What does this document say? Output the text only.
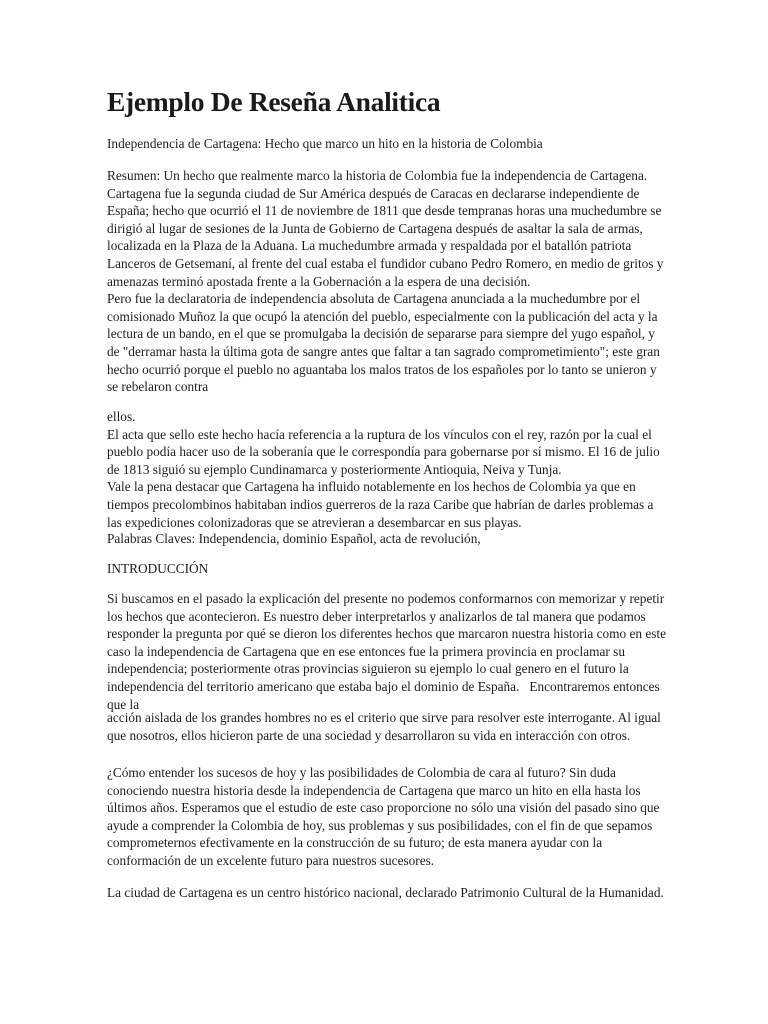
Ejemplo De Reseña Analitica

Independencia de Cartagena: Hecho que marco un hito en la historia de Colombia

Resumen: Un hecho que realmente marco la historia de Colombia fue la independencia de Cartagena.
Cartagena fue la segunda ciudad de Sur América después de Caracas en declararse independiente de
España; hecho que ocurrió el 11 de noviembre de 1811 que desde tempranas horas una muchedumbre se
dirigió al lugar de sesiones de la Junta de Gobierno de Cartagena después de asaltar la sala de armas,
localizada en la Plaza de la Aduana. La muchedumbre armada y respaldada por el batallón patriota
Lanceros de Getsemaní, al frente del cual estaba el fundidor cubano Pedro Romero, en medio de gritos y
amenazas terminó apostada frente a la Gobernación a la espera de una decisión.
Pero fue la declaratoria de independencia absoluta de Cartagena anunciada a la muchedumbre por el
comisionado Muñoz la que ocupó la atención del pueblo, especialmente con la publicación del acta y la
lectura de un bando, en el que se promulgaba la decisión de separarse para siempre del yugo español, y
de "derramar hasta la última gota de sangre antes que faltar a tan sagrado comprometimiento"; este gran
hecho ocurrió porque el pueblo no aguantaba los malos tratos de los españoles por lo tanto se unieron y
se rebelaron contra

ellos.
El acta que sello este hecho hacía referencia a la ruptura de los vínculos con el rey, razón por la cual el
pueblo podía hacer uso de la soberanía que le correspondía para gobernarse por sí mismo. El 16 de julio
de 1813 siguió su ejemplo Cundinamarca y posteriormente Antioquia, Neiva y Tunja.
Vale la pena destacar que Cartagena ha influido notablemente en los hechos de Colombia ya que en
tiempos precolombinos habitaban indios guerreros de la raza Caribe que habrían de darles problemas a
las expediciones colonizadoras que se atrevieran a desembarcar en sus playas.

Palabras Claves: Independencia, dominio Español, acta de revolución,

INTRODUCCIÓN

Si buscamos en el pasado la explicación del presente no podemos conformarnos con memorizar y repetir
los hechos que acontecieron. Es nuestro deber interpretarlos y analizarlos de tal manera que podamos
responder la pregunta por qué se dieron los diferentes hechos que marcaron nuestra historia como en este
caso la independencia de Cartagena que en ese entonces fue la primera provincia en proclamar su
independencia; posteriormente otras provincias siguieron su ejemplo lo cual genero en el futuro la
independencia del territorio americano que estaba bajo el dominio de España.   Encontraremos entonces
que la

acción aislada de los grandes hombres no es el criterio que sirve para resolver este interrogante. Al igual
que nosotros, ellos hicieron parte de una sociedad y desarrollaron su vida en interacción con otros.

¿Cómo entender los sucesos de hoy y las posibilidades de Colombia de cara al futuro? Sin duda
conociendo nuestra historia desde la independencia de Cartagena que marco un hito en ella hasta los
últimos años. Esperamos que el estudio de este caso proporcione no sólo una visión del pasado sino que
ayude a comprender la Colombia de hoy, sus problemas y sus posibilidades, con el fin de que sepamos
comprometernos efectivamente en la construcción de su futuro; de esta manera ayudar con la
conformación de un excelente futuro para nuestros sucesores.

La ciudad de Cartagena es un centro histórico nacional, declarado Patrimonio Cultural de la Humanidad.
